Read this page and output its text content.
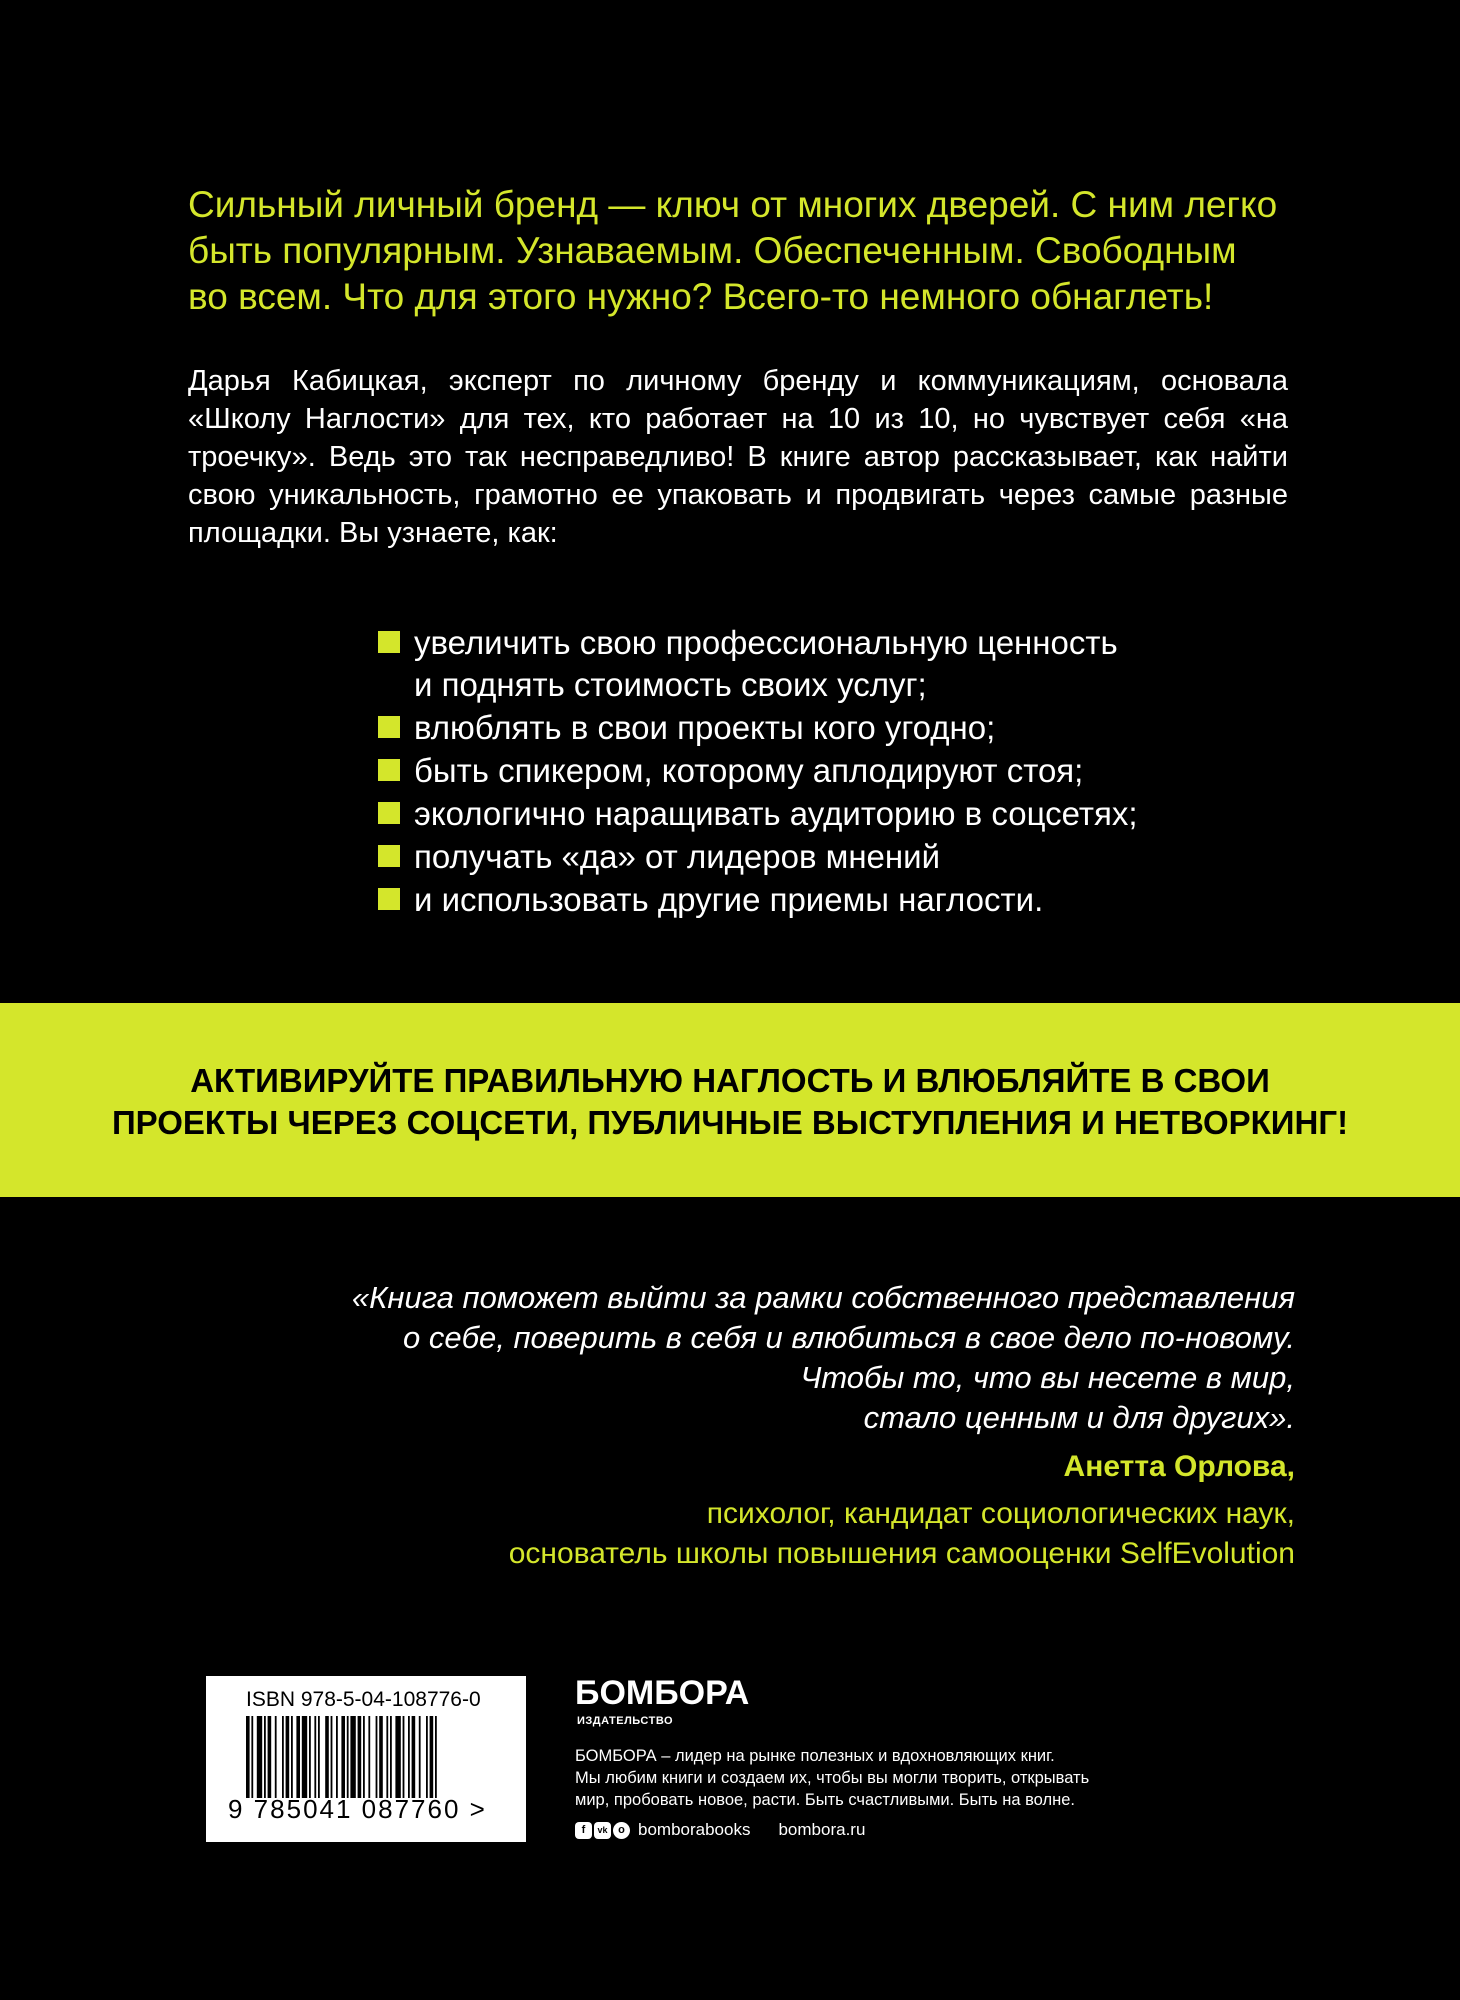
Сильный личный бренд — ключ от многих дверей. С ним легко
быть популярным. Узнаваемым. Обеспеченным. Свободным
во всем. Что для этого нужно? Всего-то немного обнаглеть!

Дарья Кабицкая, эксперт по личному бренду и коммуникациям, основала «Школу Наглости» для тех, кто работает на 10 из 10, но чувствует себя «на троечку». Ведь это так несправедливо! В книге автор рассказывает, как найти свою уникальность, грамотно ее упаковать и продвигать через самые разные площадки. Вы узнаете, как:

увеличить свою профессиональную ценность
и поднять стоимость своих услуг;
влюблять в свои проекты кого угодно;
быть спикером, которому аплодируют стоя;
экологично наращивать аудиторию в соцсетях;
получать «да» от лидеров мнений
и использовать другие приемы наглости.

АКТИВИРУЙТЕ ПРАВИЛЬНУЮ НАГЛОСТЬ И ВЛЮБЛЯЙТЕ В СВОИ
ПРОЕКТЫ ЧЕРЕЗ СОЦСЕТИ, ПУБЛИЧНЫЕ ВЫСТУПЛЕНИЯ И НЕТВОРКИНГ!

«Книга поможет выйти за рамки собственного представления
о себе, поверить в себя и влюбиться в свое дело по-новому.
Чтобы то, что вы несете в мир,
стало ценным и для других».

Анетта Орлова,
психолог, кандидат социологических наук,
основатель школы повышения самооценки SelfEvolution
ISBN 978-5-04-108776-0
9 785041 087760 >
БОМБОРА
ИЗДАТЕЛЬСТВО
БОМБОРА – лидер на рынке полезных и вдохновляющих книг.
Мы любим книги и создаем их, чтобы вы могли творить, открывать
мир, пробовать новое, расти. Быть счастливыми. Быть на волне.
f	vk o bomborabooks bombora.ru
